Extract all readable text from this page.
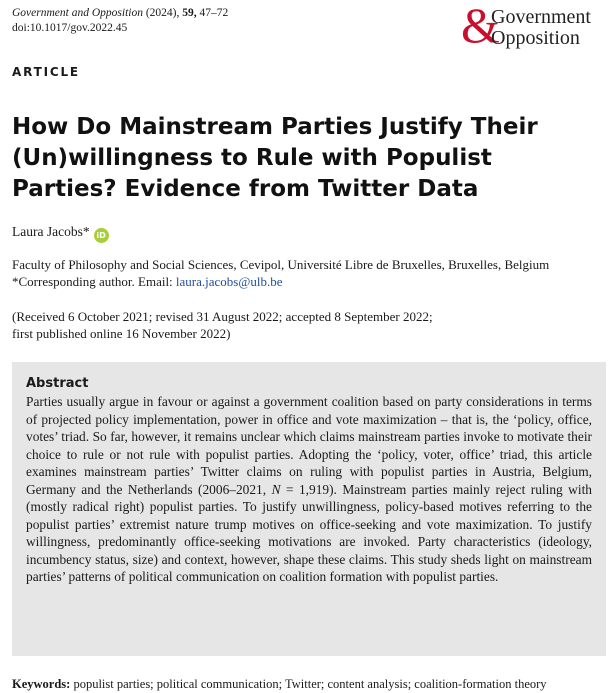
Government and Opposition (2024), 59, 47–72
doi:10.1017/gov.2022.45	&
Government
Opposition
ARTICLE
How Do Mainstream Parties Justify Their (Un)willingness to Rule with Populist Parties? Evidence from Twitter Data
Laura Jacobs* iD
Faculty of Philosophy and Social Sciences, Cevipol, Université Libre de Bruxelles, Bruxelles, Belgium
*Corresponding author. Email: laura.jacobs@ulb.be
(Received 6 October 2021; revised 31 August 2022; accepted 8 September 2022;
first published online 16 November 2022)
Abstract

Parties usually argue in favour or against a government coalition based on party considerations in terms of projected policy implementation, power in office and vote maximization – that is, the ‘policy, office, votes’ triad. So far, however, it remains unclear which claims mainstream parties invoke to motivate their choice to rule or not rule with populist parties. Adopting the ‘policy, voter, office’ triad, this article examines mainstream parties’ Twitter claims on ruling with populist parties in Austria, Belgium, Germany and the Netherlands (2006–2021, N = 1,919). Mainstream parties mainly reject ruling with (mostly radical right) populist parties. To justify unwillingness, policy-based motives referring to the populist parties’ extremist nature trump motives on office-seeking and vote maximization. To justify willingness, predominantly office-seeking motivations are invoked. Party characteristics (ideology, incumbency status, size) and context, however, shape these claims. This study sheds light on mainstream parties’ patterns of political communication on coalition formation with populist parties.

Keywords: populist parties; political communication; Twitter; content analysis; coalition-formation theory
